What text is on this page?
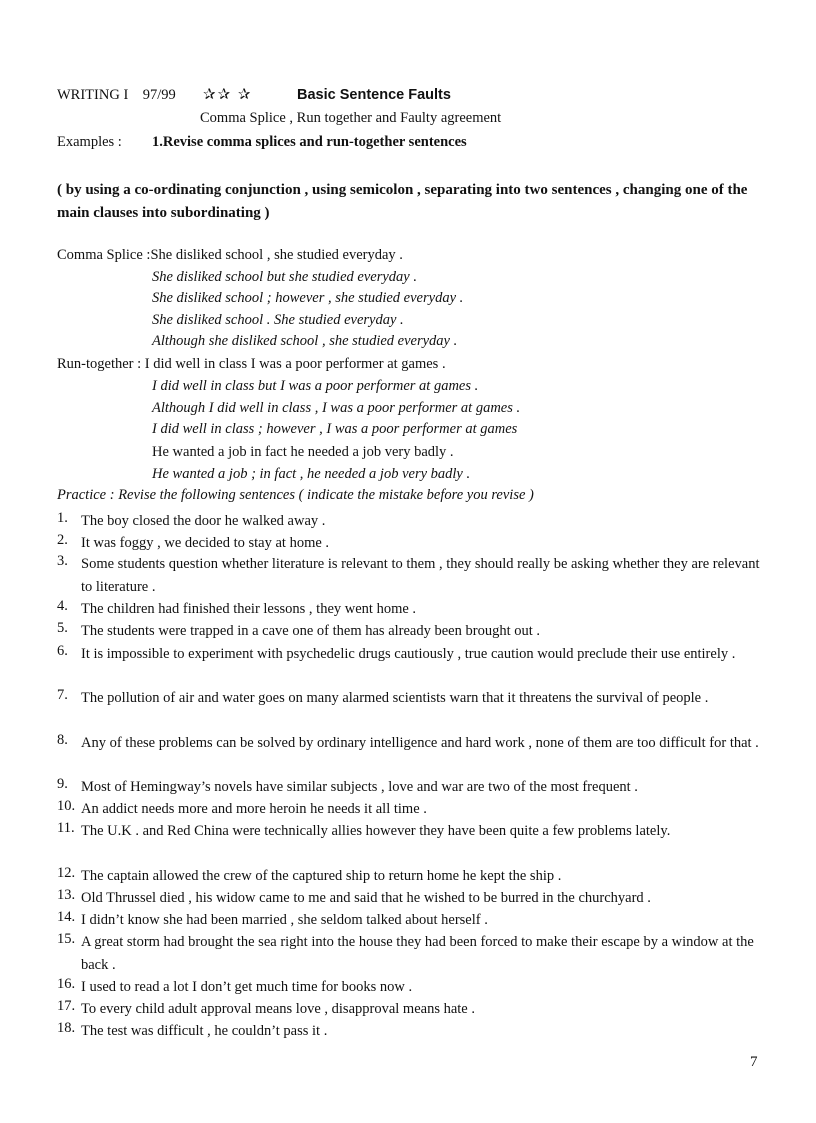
WRITING I 97/99 ✰✰ ✰	Basic Sentence Faults
Comma Splice , Run together and Faulty agreement
Examples : 1.Revise comma splices and run-together sentences
( by using a co-ordinating conjunction , using semicolon , separating into two sentences , changing one of the main clauses into subordinating )
Comma Splice :She disliked school , she studied everyday .
She disliked school but she studied everyday .
She disliked school ; however , she studied everyday .
She disliked school . She studied everyday .
Although she disliked school , she studied everyday .
Run-together : I did well in class I was a poor performer at games .
I did well in class but I was a poor performer at games .
Although I did well in class , I was a poor performer at games .
I did well in class ; however , I was a poor performer at games
He wanted a job in fact he needed a job very badly .
He wanted a job ; in fact , he needed a job very badly .
Practice : Revise the following sentences ( indicate the mistake before you revise )
1. The boy closed the door he walked away .
2. It was foggy , we decided to stay at home .
3. Some students question whether literature is relevant to them , they should really be asking whether they are relevant to literature .
4. The children had finished their lessons , they went home .
5. The students were trapped in a cave one of them has already been brought out .
6. It is impossible to experiment with psychedelic drugs cautiously , true caution would preclude their use entirely .
7. The pollution of air and water goes on many alarmed scientists warn that it threatens the survival of people .
8. Any of these problems can be solved by ordinary intelligence and hard work , none of them are too difficult for that .
9. Most of Hemingway’s novels have similar subjects , love and war are two of the most frequent .
10. An addict needs more and more heroin he needs it all time .
11. The U.K . and Red China were technically allies however they have been quite a few problems lately.
12. The captain allowed the crew of the captured ship to return home he kept the ship .
13. Old Thrussel died , his widow came to me and said that he wished to be burred in the churchyard .
14. I didn’t know she had been married , she seldom talked about herself .
15. A great storm had brought the sea right into the house they had been forced to make their escape by a window at the back .
16. I used to read a lot I don’t get much time for books now .
17. To every child adult approval means love , disapproval means hate .
18. The test was difficult , he couldn’t pass it .
7
